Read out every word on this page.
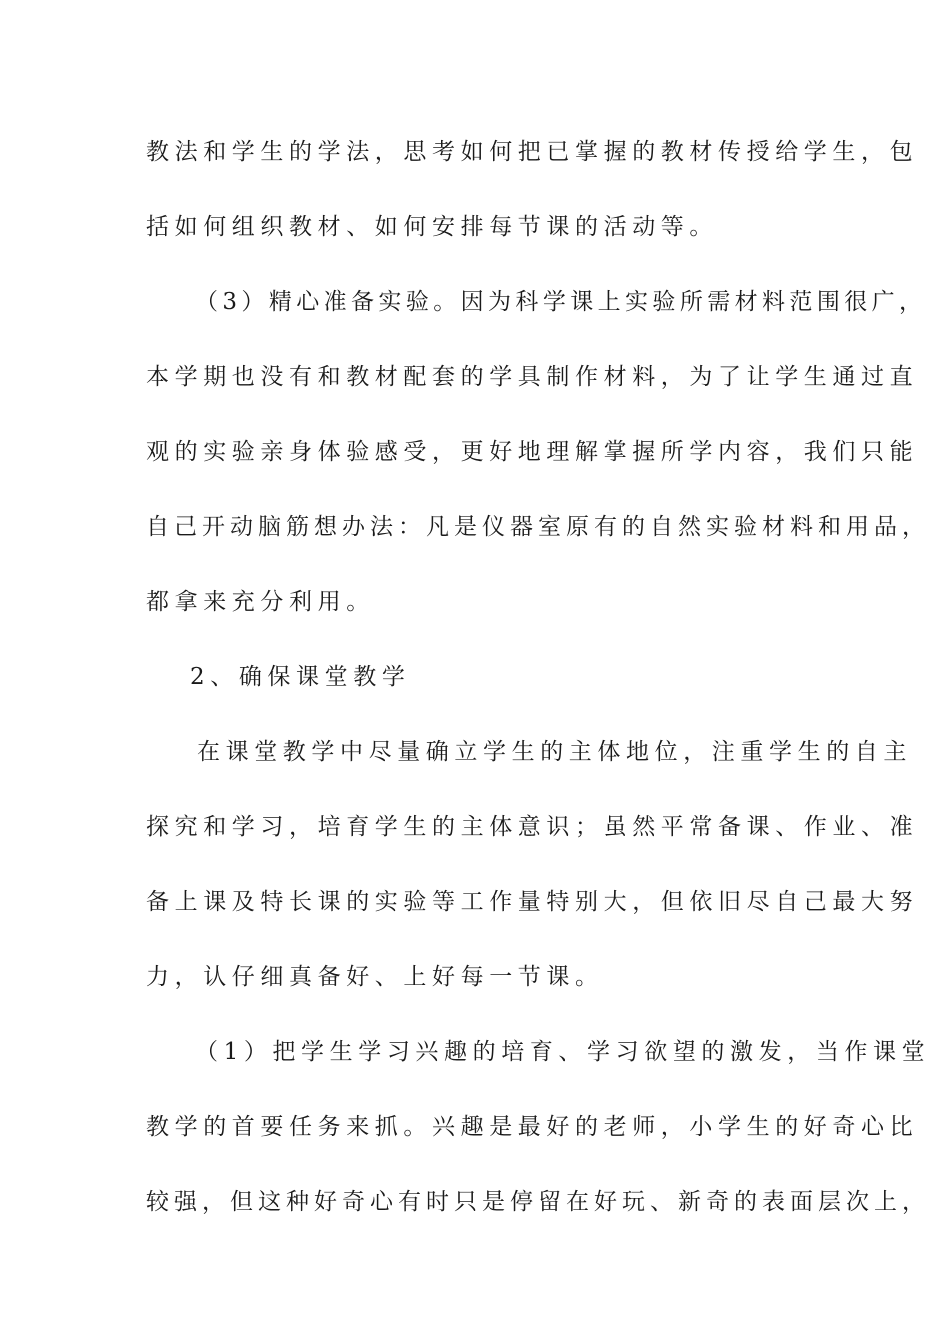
教法和学生的学法，思考如何把已掌握的教材传授给学生，包
括如何组织教材、如何安排每节课的活动等。
（3）精心准备实验。因为科学课上实验所需材料范围很广，
本学期也没有和教材配套的学具制作材料，为了让学生通过直
观的实验亲身体验感受，更好地理解掌握所学内容，我们只能
自己开动脑筋想办法：凡是仪器室原有的自然实验材料和用品，
都拿来充分利用。
2、确保课堂教学
在课堂教学中尽量确立学生的主体地位，注重学生的自主
探究和学习，培育学生的主体意识；虽然平常备课、作业、准
备上课及特长课的实验等工作量特别大，但依旧尽自己最大努
力，认仔细真备好、上好每一节课。
（1）把学生学习兴趣的培育、学习欲望的激发，当作课堂
教学的首要任务来抓。兴趣是最好的老师，小学生的好奇心比
较强，但这种好奇心有时只是停留在好玩、新奇的表面层次上，
